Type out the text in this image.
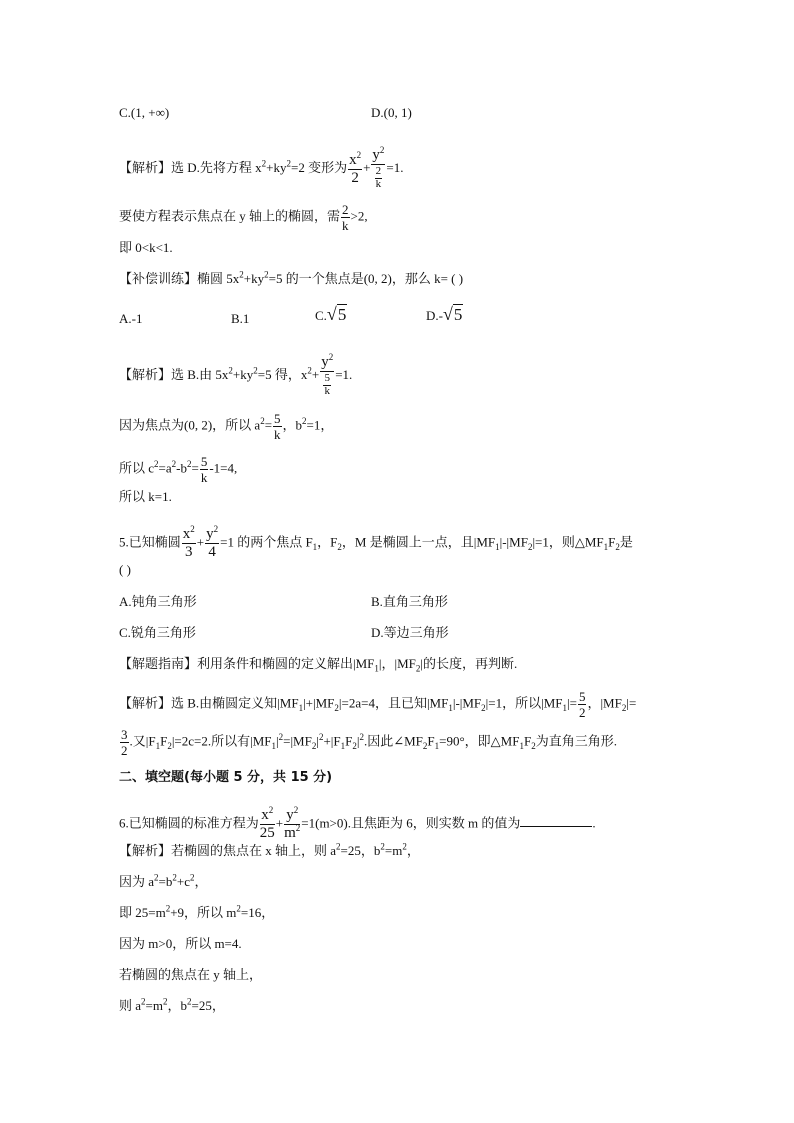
C.(1, +∞)	D.(0, 1)
【解析】选 D.先将方程 $x^2+ky^2=2$ 变形为 $\frac{x^2}{2} + \frac{y^2}{\frac{2}{k}} =1$.
要使方程表示焦点在 y 轴上的椭圆，需 $\frac{2}{k} >2$,
即 0<k<1.
【补偿训练】椭圆 $5x^2+ky^2=5$ 的一个焦点是(0, 2)，那么 k= ( )
A.-1	B.1	C.√5	D.-√5
【解析】选 B.由 $5x^2+ky^2=5$ 得，$x^2+ \frac{y^2}{\frac{5}{k}} =1$.
因为焦点为(0, 2)，所以 $a^2= \frac{5}{k}$ ，$b^2=1$，
所以 $c^2=a^2-b^2= \frac{5}{k} -1=4$,
所以 k=1.
5.已知椭圆 $\frac{x^2}{3} + \frac{y^2}{4} =1$ 的两个焦点 $F_1$，$F_2$，M 是椭圆上一点，且$|MF_1|-|MF_2|=1$，则$\triangle MF_1F_2$是
( )
A.钝角三角形	B.直角三角形
C.锐角三角形	D.等边三角形
【解题指南】利用条件和椭圆的定义解出$|MF_1|$，$|MF_2|$的长度，再判断.
【解析】选 B.由椭圆定义知$|MF_1|+|MF_2|=2a=4$，且已知$|MF_1|-|MF_2|=1$，所以$|MF_1|= \frac{5}{2}$ ，$|MF_2|=$
$\frac{3}{2}$ .又$|F_1F_2|=2c=2$.所以有$|MF_1|^2=|MF_2|^2+|F_1F_2|^2$.因此$\angle MF_2F_1=90^\circ$，即$\triangle MF_1F_2$为直角三角形.
二、填空题(每小题 5 分，共 15 分)
6.已知椭圆的标准方程为 $\frac{x^2}{25} + \frac{y^2}{m^2} =1(m>0)$.且焦距为 6，则实数 m 的值为	.
【解析】若椭圆的焦点在 x 轴上，则 $a^2=25$，$b^2=m^2$，
因为 $a^2=b^2+c^2$，
即 $25=m^2+9$，所以 $m^2=16$，
因为 m>0，所以 m=4.
若椭圆的焦点在 y 轴上，
则 $a^2=m^2$，$b^2=25$，
